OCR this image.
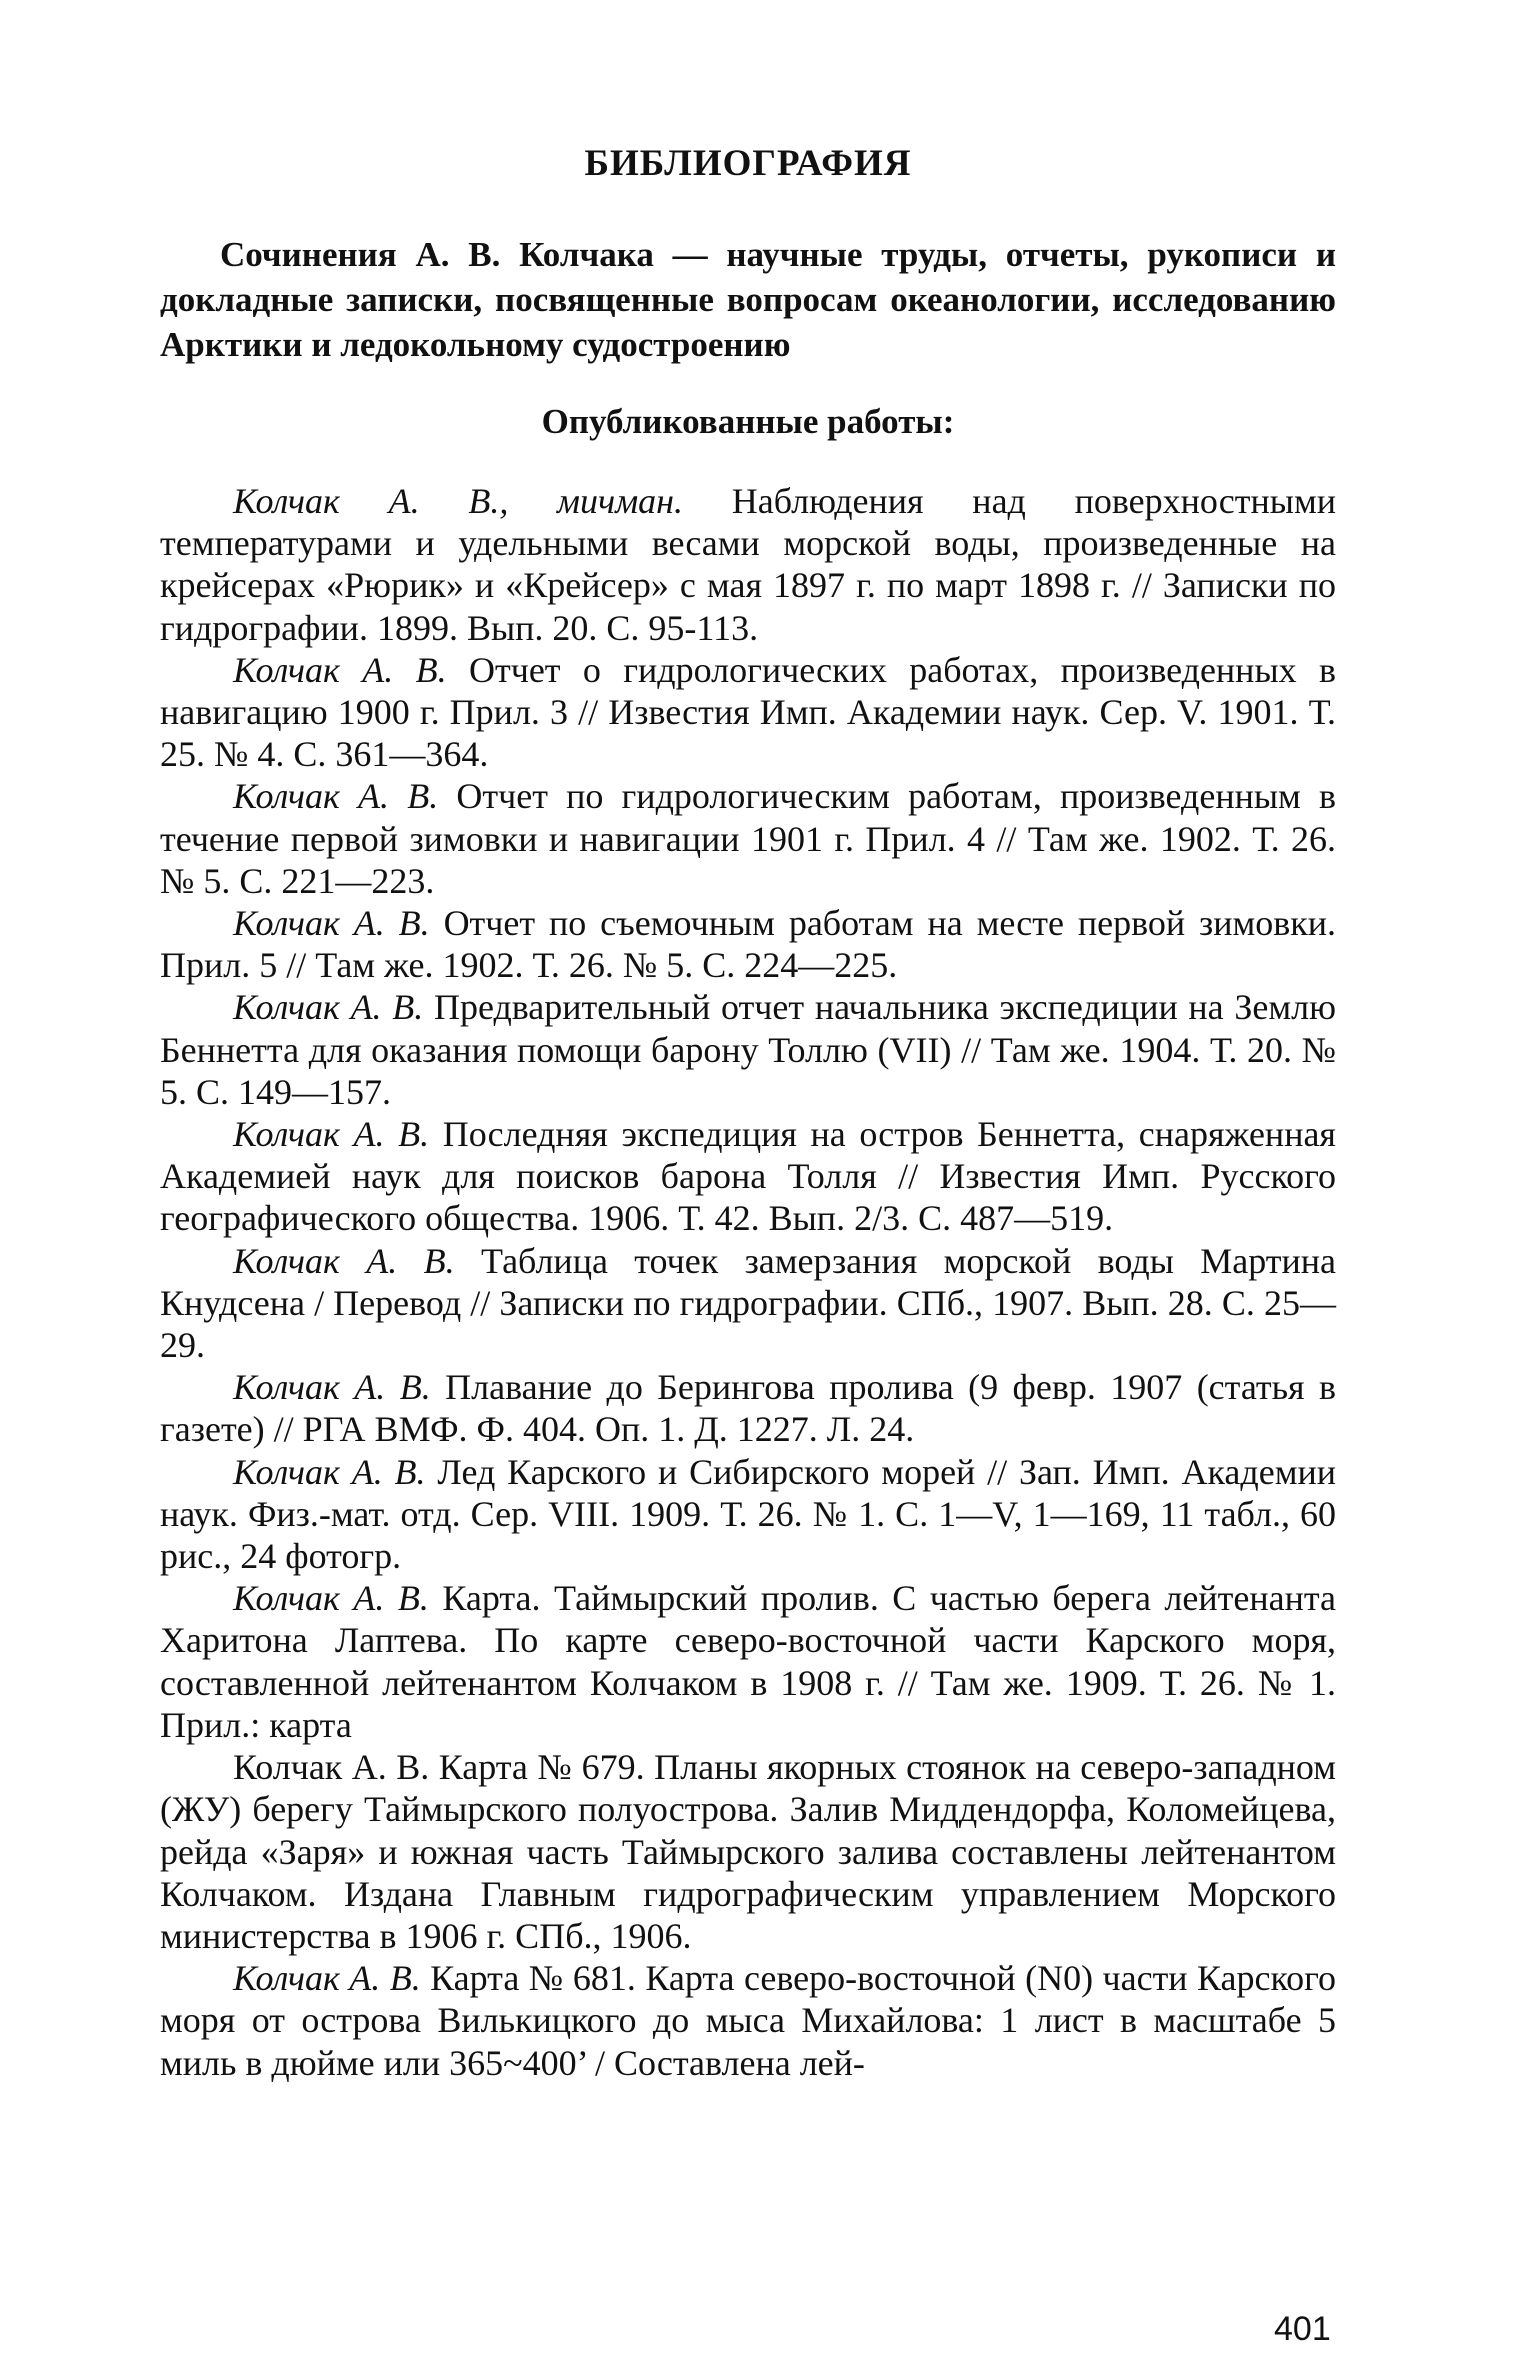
БИБЛИОГРАФИЯ
Сочинения А. В. Колчака — научные труды, отчеты, рукописи и докладные записки, посвященные вопросам океанологии, исследованию Арктики и ледокольному судостроению
Опубликованные работы:

Колчак А. В., мичман. Наблюдения над поверхностными температурами и удельными весами морской воды, произведенные на крейсерах «Рюрик» и «Крейсер» с мая 1897 г. по март 1898 г. // Записки по гидрографии. 1899. Вып. 20. С. 95-113.

Колчак А. В. Отчет о гидрологических работах, произведенных в навигацию 1900 г. Прил. 3 // Известия Имп. Академии наук. Сер. V. 1901. Т. 25. № 4. С. 361—364.

Колчак А. В. Отчет по гидрологическим работам, произведенным в течение первой зимовки и навигации 1901 г. Прил. 4 // Там же. 1902. Т. 26. № 5. С. 221—223.

Колчак А. В. Отчет по съемочным работам на месте первой зимовки. Прил. 5 // Там же. 1902. Т. 26. № 5. С. 224—225.

Колчак А. В. Предварительный отчет начальника экспедиции на Землю Беннетта для оказания помощи барону Толлю (VII) // Там же. 1904. Т. 20. № 5. С. 149—157.

Колчак А. В. Последняя экспедиция на остров Беннетта, снаряженная Академией наук для поисков барона Толля // Известия Имп. Русского географического общества. 1906. Т. 42. Вып. 2/3. С. 487—519.

Колчак А. В. Таблица точек замерзания морской воды Мартина Кнудсена / Перевод // Записки по гидрографии. СПб., 1907. Вып. 28. С. 25—29.

Колчак А. В. Плавание до Берингова пролива (9 февр. 1907 (статья в газете) // РГА ВМФ. Ф. 404. Оп. 1. Д. 1227. Л. 24.

Колчак А. В. Лед Карского и Сибирского морей // Зап. Имп. Академии наук. Физ.-мат. отд. Сер. VIII. 1909. Т. 26. № 1. С. 1—V, 1—169, 11 табл., 60 рис., 24 фотогр.

Колчак А. В. Карта. Таймырский пролив. С частью берега лейтенанта Харитона Лаптева. По карте северо-восточной части Карского моря, составленной лейтенантом Колчаком в 1908 г. // Там же. 1909. Т. 26. № 1. Прил.: карта

Колчак А. В. Карта № 679. Планы якорных стоянок на северо-западном (ЖУ) берегу Таймырского полуострова. Залив Миддендорфа, Коломейцева, рейда «Заря» и южная часть Таймырского залива составлены лейтенантом Колчаком. Издана Главным гидрографическим управлением Морского министерства в 1906 г. СПб., 1906.

Колчак А. В. Карта № 681. Карта северо-восточной (N0) части Карского моря от острова Вилькицкого до мыса Михайлова: 1 лист в масштабе 5 миль в дюйме или 365~400’ / Составлена лей-

401
